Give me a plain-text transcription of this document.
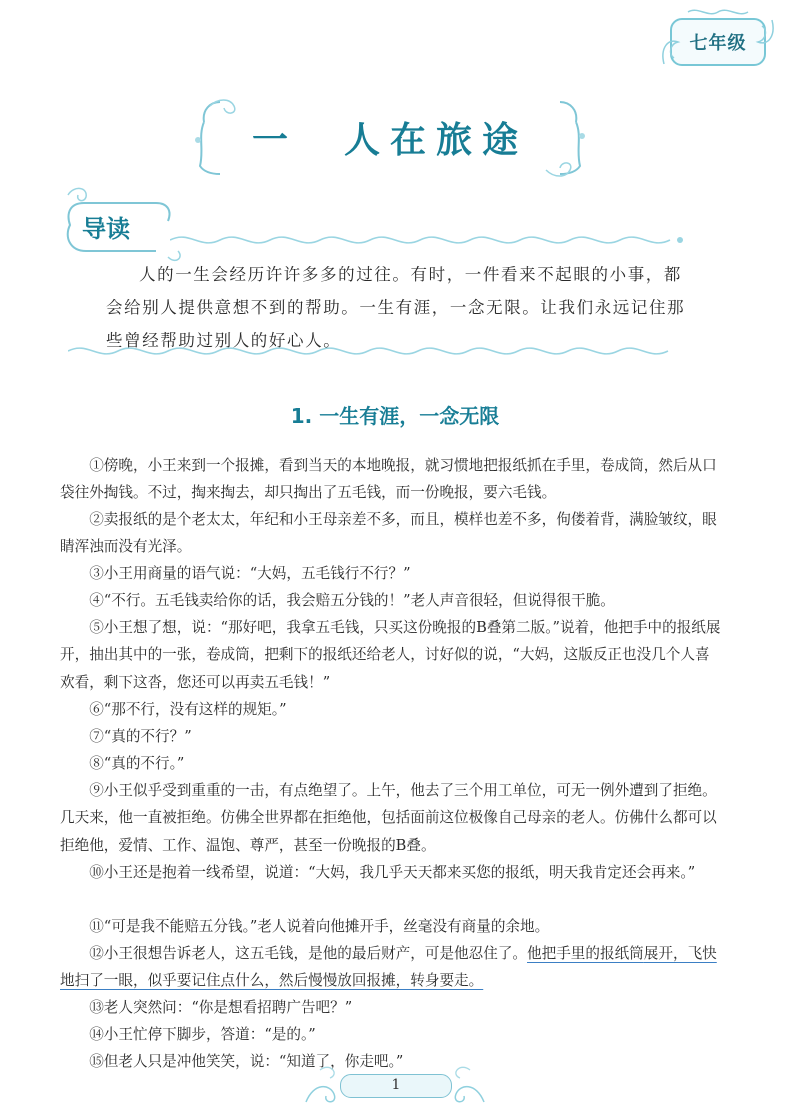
七年级
一　人在旅途
导读

人的一生会经历许许多多的过往。有时，一件看来不起眼的小事，都会给别人提供意想不到的帮助。一生有涯，一念无限。让我们永远记住那些曾经帮助过别人的好心人。

1. 一生有涯，一念无限

①傍晚，小王来到一个报摊，看到当天的本地晚报，就习惯地把报纸抓在手里，卷成筒，然后从口袋往外掏钱。不过，掏来掏去，却只掏出了五毛钱，而一份晚报，要六毛钱。

②卖报纸的是个老太太，年纪和小王母亲差不多，而且，模样也差不多，佝偻着背，满脸皱纹，眼睛浑浊而没有光泽。

③小王用商量的语气说：“大妈，五毛钱行不行？”

④“不行。五毛钱卖给你的话，我会赔五分钱的！”老人声音很轻，但说得很干脆。

⑤小王想了想，说：“那好吧，我拿五毛钱，只买这份晚报的B叠第二版。”说着，他把手中的报纸展开，抽出其中的一张，卷成筒，把剩下的报纸还给老人，讨好似的说，“大妈，这版反正也没几个人喜欢看，剩下这沓，您还可以再卖五毛钱！”

⑥“那不行，没有这样的规矩。”

⑦“真的不行？”

⑧“真的不行。”

⑨小王似乎受到重重的一击，有点绝望了。上午，他去了三个用工单位，可无一例外遭到了拒绝。几天来，他一直被拒绝。仿佛全世界都在拒绝他，包括面前这位极像自己母亲的老人。仿佛什么都可以拒绝他，爱情、工作、温饱、尊严，甚至一份晚报的B叠。

⑩小王还是抱着一线希望，说道：“大妈，我几乎天天都来买您的报纸，明天我肯定还会再来。”

⑪“可是我不能赔五分钱。”老人说着向他摊开手，丝毫没有商量的余地。

⑫小王很想告诉老人，这五毛钱，是他的最后财产，可是他忍住了。他把手里的报纸筒展开，飞快地扫了一眼，似乎要记住点什么，然后慢慢放回报摊，转身要走。

⑬老人突然问：“你是想看招聘广告吧？”

⑭小王忙停下脚步，答道：“是的。”

⑮但老人只是冲他笑笑，说：“知道了，你走吧。”

1
